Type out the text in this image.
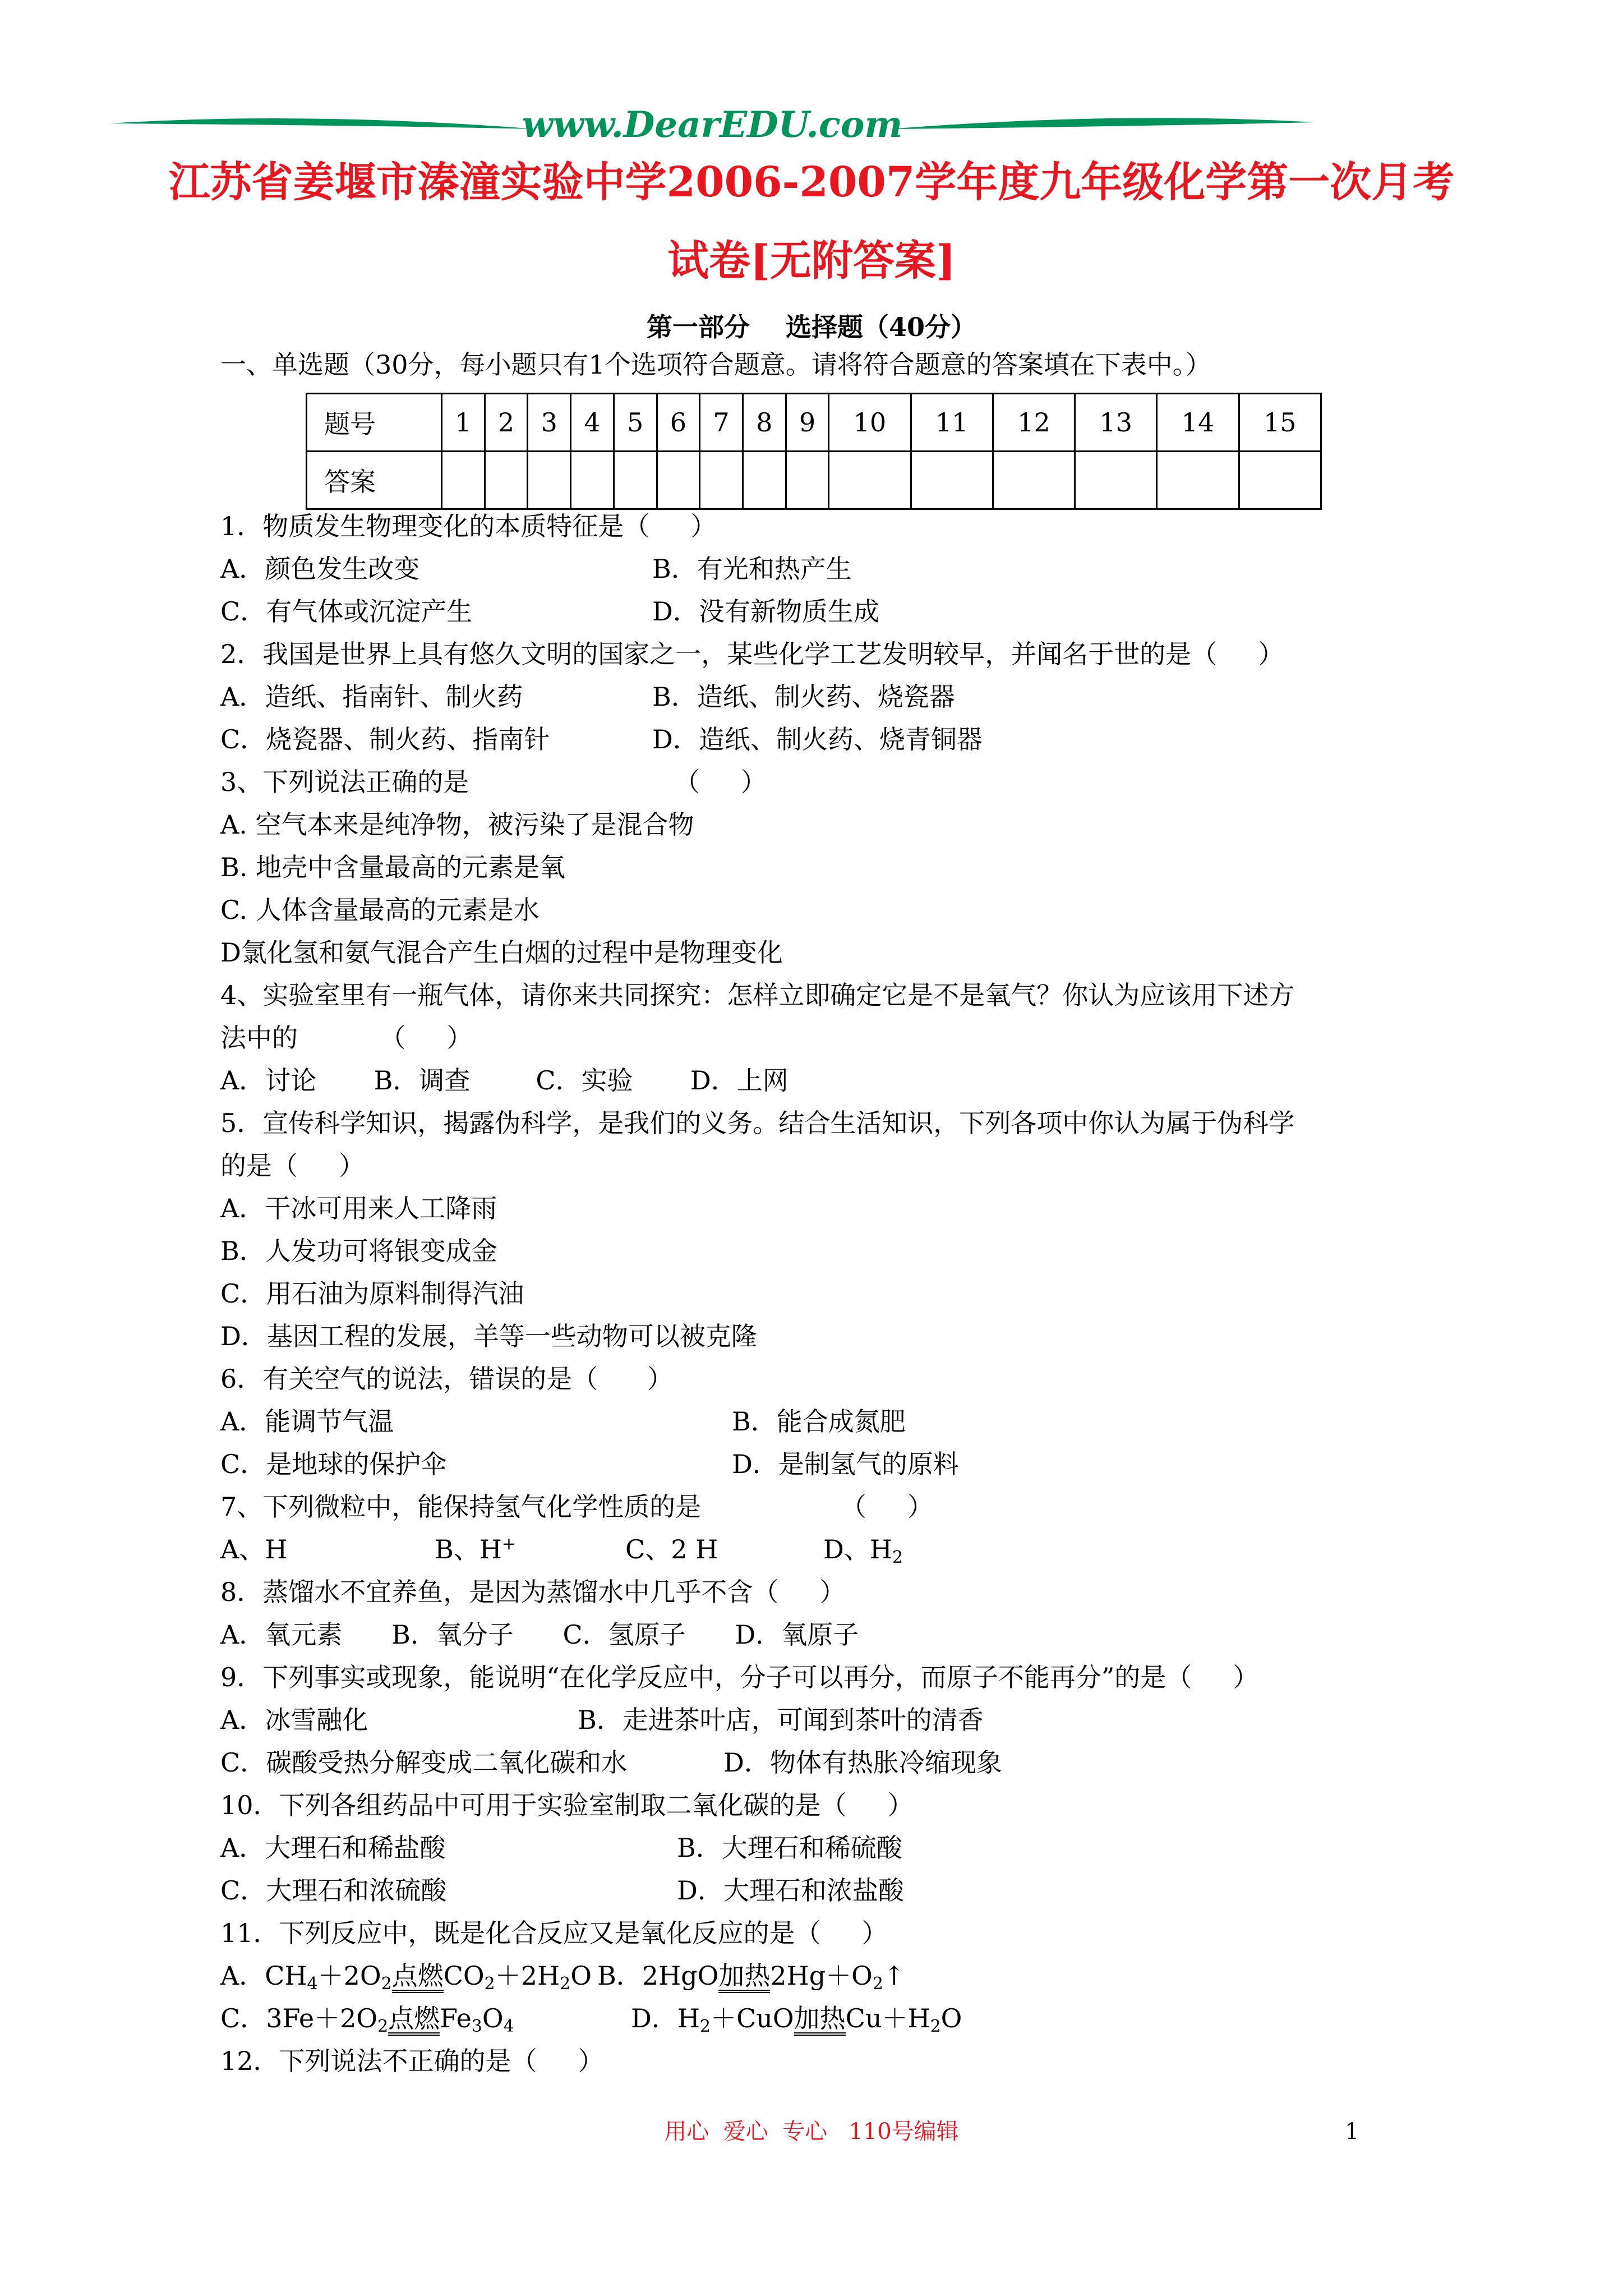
www.DearEDU.com
江苏省姜堰市溱潼实验中学2006-2007学年度九年级化学第一次月考
试卷[无附答案]
第一部分    选择题（40分）
一、单选题（30分，每小题只有1个选项符合题意。请将符合题意的答案填在下表中。）
题号	1	2	3	4	5	6	7	8	9	10	11	12	13	14	15
答案															
1．物质发生物理变化的本质特征是（     ）
A．颜色发生改变	B．有光和热产生
C．有气体或沉淀产生	D．没有新物质生成
2．我国是世界上具有悠久文明的国家之一，某些化学工艺发明较早，并闻名于世的是（     ）
A．造纸、指南针、制火药	B．造纸、制火药、烧瓷器
C．烧瓷器、制火药、指南针	D．造纸、制火药、烧青铜器
3、下列说法正确的是                         （     ）
A. 空气本来是纯净物，被污染了是混合物
B. 地壳中含量最高的元素是氧
C. 人体含量最高的元素是水
D氯化氢和氨气混合产生白烟的过程中是物理变化
4、实验室里有一瓶气体，请你来共同探究：怎样立即确定它是不是氧气？你认为应该用下述方
法中的          （     ）
A．讨论       B．调查        C．实验       D．上网
5．宣传科学知识，揭露伪科学，是我们的义务。结合生活知识，下列各项中你认为属于伪科学
的是（     ）
A．干冰可用来人工降雨
B．人发功可将银变成金
C．用石油为原料制得汽油
D．基因工程的发展，羊等一些动物可以被克隆
6．有关空气的说法，错误的是（      ）
A．能调节气温	B．能合成氮肥
C．是地球的保护伞	D．是制氢气的原料
7、下列微粒中，能保持氢气化学性质的是                 （     ）
A、H	B、H+	C、2 H	D、$H_2$
8．蒸馏水不宜养鱼，是因为蒸馏水中几乎不含（     ）
A．氧元素      B．氧分子      C．氢原子      D．氧原子
9．下列事实或现象，能说明“在化学反应中，分子可以再分，而原子不能再分”的是（     ）
A．冰雪融化	B．走进茶叶店，可闻到茶叶的清香
C．碳酸受热分解变成二氧化碳和水	D．物体有热胀冷缩现象
10．下列各组药品中可用于实验室制取二氧化碳的是（     ）
A．大理石和稀盐酸	B．大理石和稀硫酸
C．大理石和浓硫酸	D．大理石和浓盐酸
11．下列反应中，既是化合反应又是氧化反应的是（     ）
A．$CH_4+2O_2$点燃$CO_2+2H_2O$ B．2HgO加热$2Hg+O_2↑$
C．$3Fe+2O_2$点燃$Fe_3O_4$	D．$H_2+CuO$加热$Cu+H_2O$
12．下列说法不正确的是（     ）
用心  爱心  专心   110号编辑	1
